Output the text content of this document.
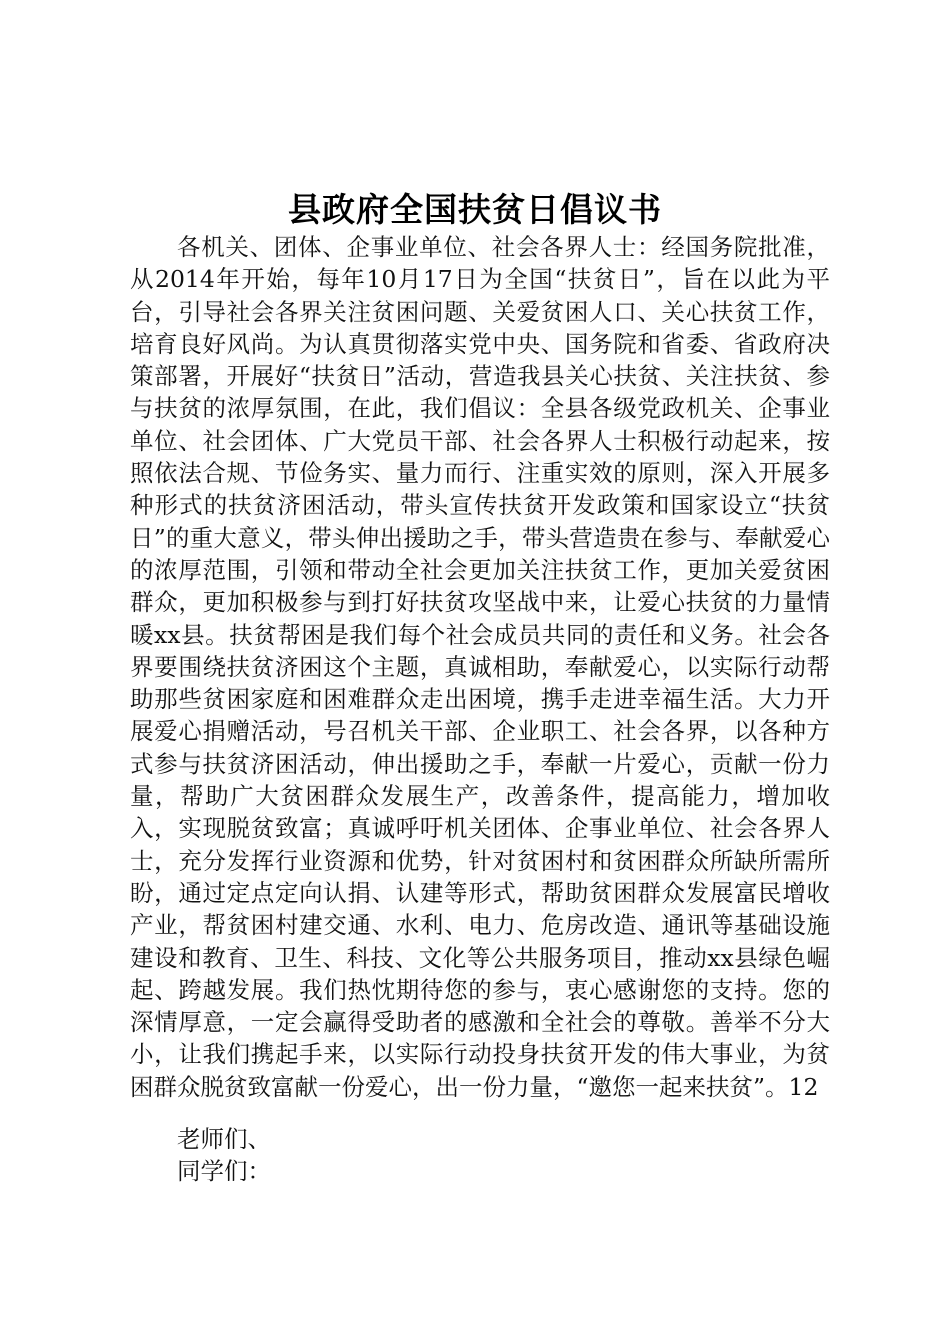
县政府全国扶贫日倡议书

各机关、团体、企事业单位、社会各界人士：经国务院批准，从2014年开始，每年10月17日为全国“扶贫日”，旨在以此为平台，引导社会各界关注贫困问题、关爱贫困人口、关心扶贫工作，培育良好风尚。为认真贯彻落实党中央、国务院和省委、省政府决策部署，开展好“扶贫日”活动，营造我县关心扶贫、关注扶贫、参与扶贫的浓厚氛围，在此，我们倡议：全县各级党政机关、企事业单位、社会团体、广大党员干部、社会各界人士积极行动起来，按照依法合规、节俭务实、量力而行、注重实效的原则，深入开展多种形式的扶贫济困活动，带头宣传扶贫开发政策和国家设立“扶贫日”的重大意义，带头伸出援助之手，带头营造贵在参与、奉献爱心的浓厚范围，引领和带动全社会更加关注扶贫工作，更加关爱贫困群众，更加积极参与到打好扶贫攻坚战中来，让爱心扶贫的力量情暖xx县。扶贫帮困是我们每个社会成员共同的责任和义务。社会各界要围绕扶贫济困这个主题，真诚相助，奉献爱心，以实际行动帮助那些贫困家庭和困难群众走出困境，携手走进幸福生活。大力开展爱心捐赠活动，号召机关干部、企业职工、社会各界，以各种方式参与扶贫济困活动，伸出援助之手，奉献一片爱心，贡献一份力量，帮助广大贫困群众发展生产，改善条件，提高能力，增加收入，实现脱贫致富；真诚呼吁机关团体、企事业单位、社会各界人士，充分发挥行业资源和优势，针对贫困村和贫困群众所缺所需所盼，通过定点定向认捐、认建等形式，帮助贫困群众发展富民增收产业，帮贫困村建交通、水利、电力、危房改造、通讯等基础设施建设和教育、卫生、科技、文化等公共服务项目，推动xx县绿色崛起、跨越发展。我们热忱期待您的参与，衷心感谢您的支持。您的深情厚意，一定会赢得受助者的感激和全社会的尊敬。善举不分大小，让我们携起手来，以实际行动投身扶贫开发的伟大事业，为贫困群众脱贫致富献一份爱心，出一份力量，“邀您一起来扶贫”。12

老师们、

同学们：
